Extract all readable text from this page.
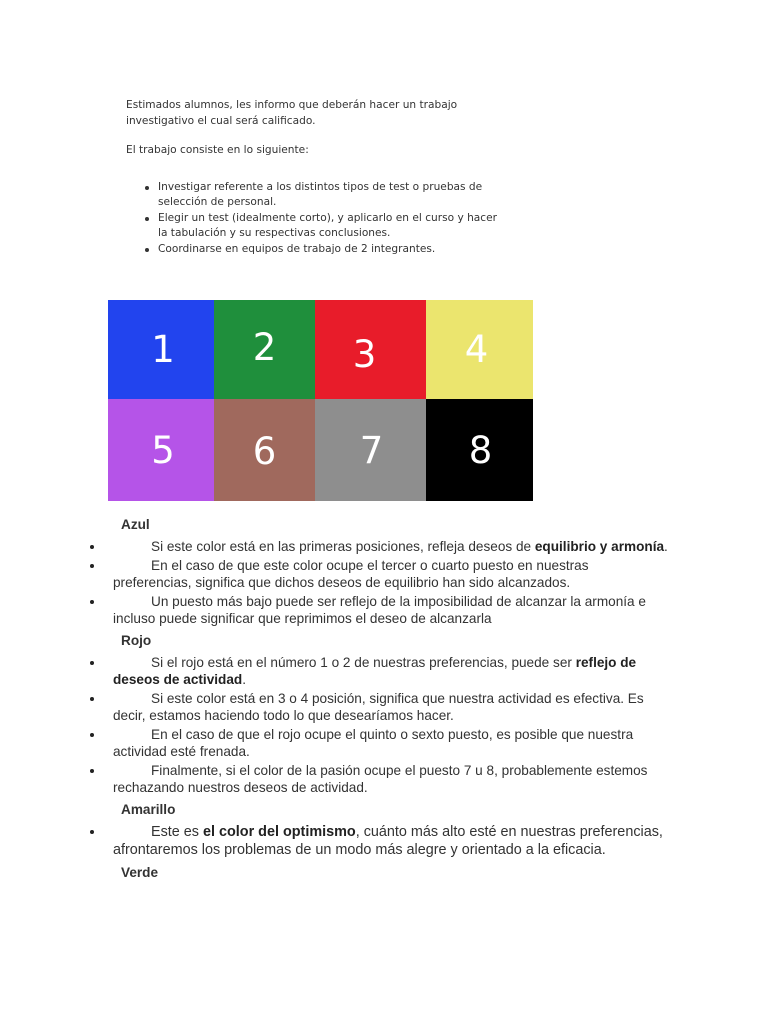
Estimados alumnos, les informo que deberán hacer un trabajo

investigativo el cual será calificado.

El trabajo consiste en lo siguiente:

Investigar referente a los distintos tipos de test o pruebas de
selección de personal.
Elegir un test (idealmente corto), y aplicarlo en el curso y hacer
la tabulación y su respectivas conclusiones.
Coordinarse en equipos de trabajo de 2 integrantes.
1 2 3 4
5 6 7 8

Azul

Si este color está en las primeras posiciones, refleja deseos de equilibrio y armonía.
En el caso de que este color ocupe el tercer o cuarto puesto en nuestras preferencias, significa que dichos deseos de equilibrio han sido alcanzados.
Un puesto más bajo puede ser reflejo de la imposibilidad de alcanzar la armonía e incluso puede significar que reprimimos el deseo de alcanzarla

Rojo

Si el rojo está en el número 1 o 2 de nuestras preferencias, puede ser reflejo de deseos de actividad.
Si este color está en 3 o 4 posición, significa que nuestra actividad es efectiva. Es decir, estamos haciendo todo lo que desearíamos hacer.
En el caso de que el rojo ocupe el quinto o sexto puesto, es posible que nuestra actividad esté frenada.
Finalmente, si el color de la pasión ocupe el puesto 7 u 8, probablemente estemos rechazando nuestros deseos de actividad.

Amarillo

Este es el color del optimismo, cuánto más alto esté en nuestras preferencias, afrontaremos los problemas de un modo más alegre y orientado a la eficacia.

Verde
